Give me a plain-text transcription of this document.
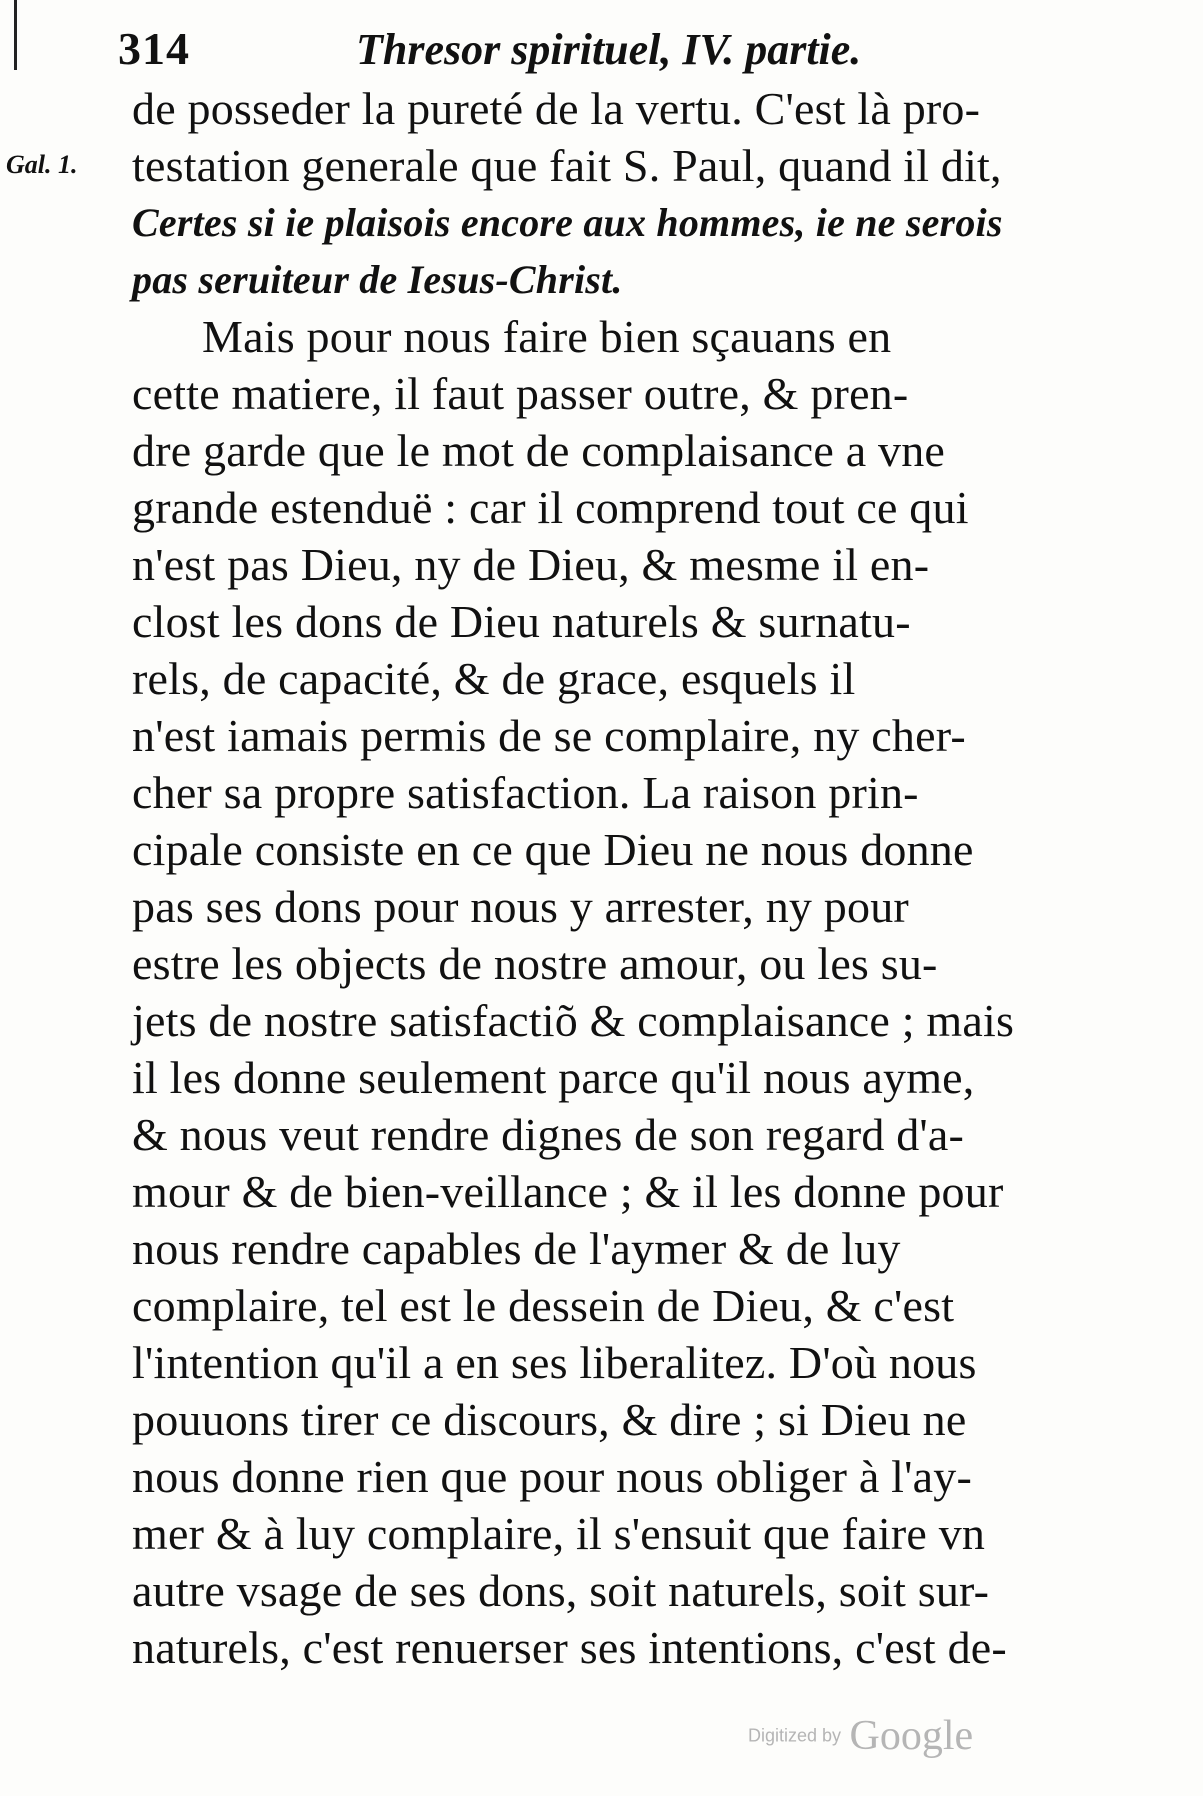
314	Thresor spirituel, IV. partie.
Gal. 1.
de posseder la pureté de la vertu. C'est là pro-
testation generale que fait S. Paul, quand il dit,
Certes si ie plaisois encore aux hommes, ie ne serois
pas seruiteur de Iesus-Christ.
Mais pour nous faire bien sçauans en
cette matiere, il faut passer outre, & pren-
dre garde que le mot de complaisance a vne
grande estenduë : car il comprend tout ce qui
n'est pas Dieu, ny de Dieu, & mesme il en-
clost les dons de Dieu naturels & surnatu-
rels, de capacité, & de grace, esquels il
n'est iamais permis de se complaire, ny cher-
cher sa propre satisfaction. La raison prin-
cipale consiste en ce que Dieu ne nous donne
pas ses dons pour nous y arrester, ny pour
estre les objects de nostre amour, ou les su-
jets de nostre satisfactiõ & complaisance ; mais
il les donne seulement parce qu'il nous ayme,
& nous veut rendre dignes de son regard d'a-
mour & de bien-veillance ; & il les donne pour
nous rendre capables de l'aymer & de luy
complaire, tel est le dessein de Dieu, & c'est
l'intention qu'il a en ses liberalitez. D'où nous
pouuons tirer ce discours, & dire ; si Dieu ne
nous donne rien que pour nous obliger à l'ay-
mer & à luy complaire, il s'ensuit que faire vn
autre vsage de ses dons, soit naturels, soit sur-
naturels, c'est renuerser ses intentions, c'est de-
Digitized by Google
